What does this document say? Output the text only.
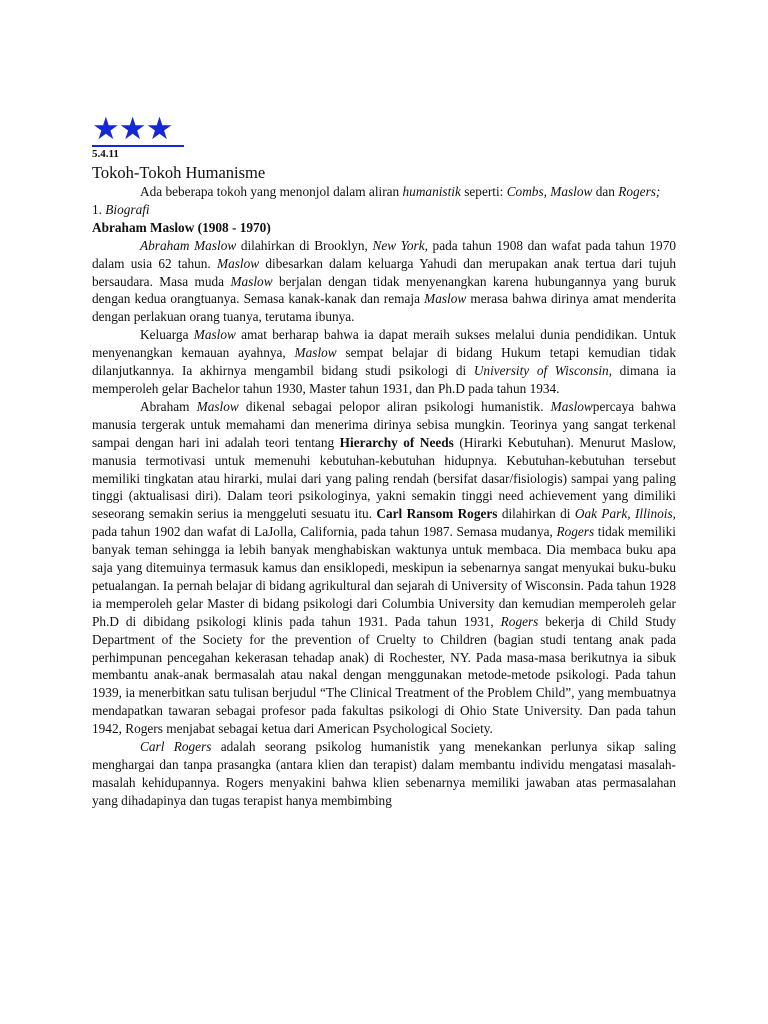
★★★
5.4.11
Tokoh-Tokoh Humanisme

Ada beberapa tokoh yang menonjol dalam aliran humanistik seperti: Combs, Maslow dan Rogers;

1. Biografi

Abraham Maslow (1908 - 1970)

Abraham Maslow dilahirkan di Brooklyn, New York, pada tahun 1908 dan wafat pada tahun 1970 dalam usia 62 tahun. Maslow dibesarkan dalam keluarga Yahudi dan merupakan anak tertua dari tujuh bersaudara. Masa muda Maslow berjalan dengan tidak menyenangkan karena hubungannya yang buruk dengan kedua orangtuanya. Semasa kanak-kanak dan remaja Maslow merasa bahwa dirinya amat menderita dengan perlakuan orang tuanya, terutama ibunya.

Keluarga Maslow amat berharap bahwa ia dapat meraih sukses melalui dunia pendidikan. Untuk menyenangkan kemauan ayahnya, Maslow sempat belajar di bidang Hukum tetapi kemudian tidak dilanjutkannya. Ia akhirnya mengambil bidang studi psikologi di University of Wisconsin, dimana ia memperoleh gelar Bachelor tahun 1930, Master tahun 1931, dan Ph.D pada tahun 1934.

Abraham Maslow dikenal sebagai pelopor aliran psikologi humanistik. Maslowpercaya bahwa manusia tergerak untuk memahami dan menerima dirinya sebisa mungkin. Teorinya yang sangat terkenal sampai dengan hari ini adalah teori tentang Hierarchy of Needs (Hirarki Kebutuhan). Menurut Maslow, manusia termotivasi untuk memenuhi kebutuhan-kebutuhan hidupnya. Kebutuhan-kebutuhan tersebut memiliki tingkatan atau hirarki, mulai dari yang paling rendah (bersifat dasar/fisiologis) sampai yang paling tinggi (aktualisasi diri). Dalam teori psikologinya, yakni semakin tinggi need achievement yang dimiliki seseorang semakin serius ia menggeluti sesuatu itu. Carl Ransom Rogers dilahirkan di Oak Park, Illinois, pada tahun 1902 dan wafat di LaJolla, California, pada tahun 1987. Semasa mudanya, Rogers tidak memiliki banyak teman sehingga ia lebih banyak menghabiskan waktunya untuk membaca. Dia membaca buku apa saja yang ditemuinya termasuk kamus dan ensiklopedi, meskipun ia sebenarnya sangat menyukai buku-buku petualangan. Ia pernah belajar di bidang agrikultural dan sejarah di University of Wisconsin. Pada tahun 1928 ia memperoleh gelar Master di bidang psikologi dari Columbia University dan kemudian memperoleh gelar Ph.D di dibidang psikologi klinis pada tahun 1931. Pada tahun 1931, Rogers bekerja di Child Study Department of the Society for the prevention of Cruelty to Children (bagian studi tentang anak pada perhimpunan pencegahan kekerasan tehadap anak) di Rochester, NY. Pada masa-masa berikutnya ia sibuk membantu anak-anak bermasalah atau nakal dengan menggunakan metode-metode psikologi. Pada tahun 1939, ia menerbitkan satu tulisan berjudul “The Clinical Treatment of the Problem Child”, yang membuatnya mendapatkan tawaran sebagai profesor pada fakultas psikologi di Ohio State University. Dan pada tahun 1942, Rogers menjabat sebagai ketua dari American Psychological Society.

Carl Rogers adalah seorang psikolog humanistik yang menekankan perlunya sikap saling menghargai dan tanpa prasangka (antara klien dan terapist) dalam membantu individu mengatasi masalah-masalah kehidupannya. Rogers menyakini bahwa klien sebenarnya memiliki jawaban atas permasalahan yang dihadapinya dan tugas terapist hanya membimbing
